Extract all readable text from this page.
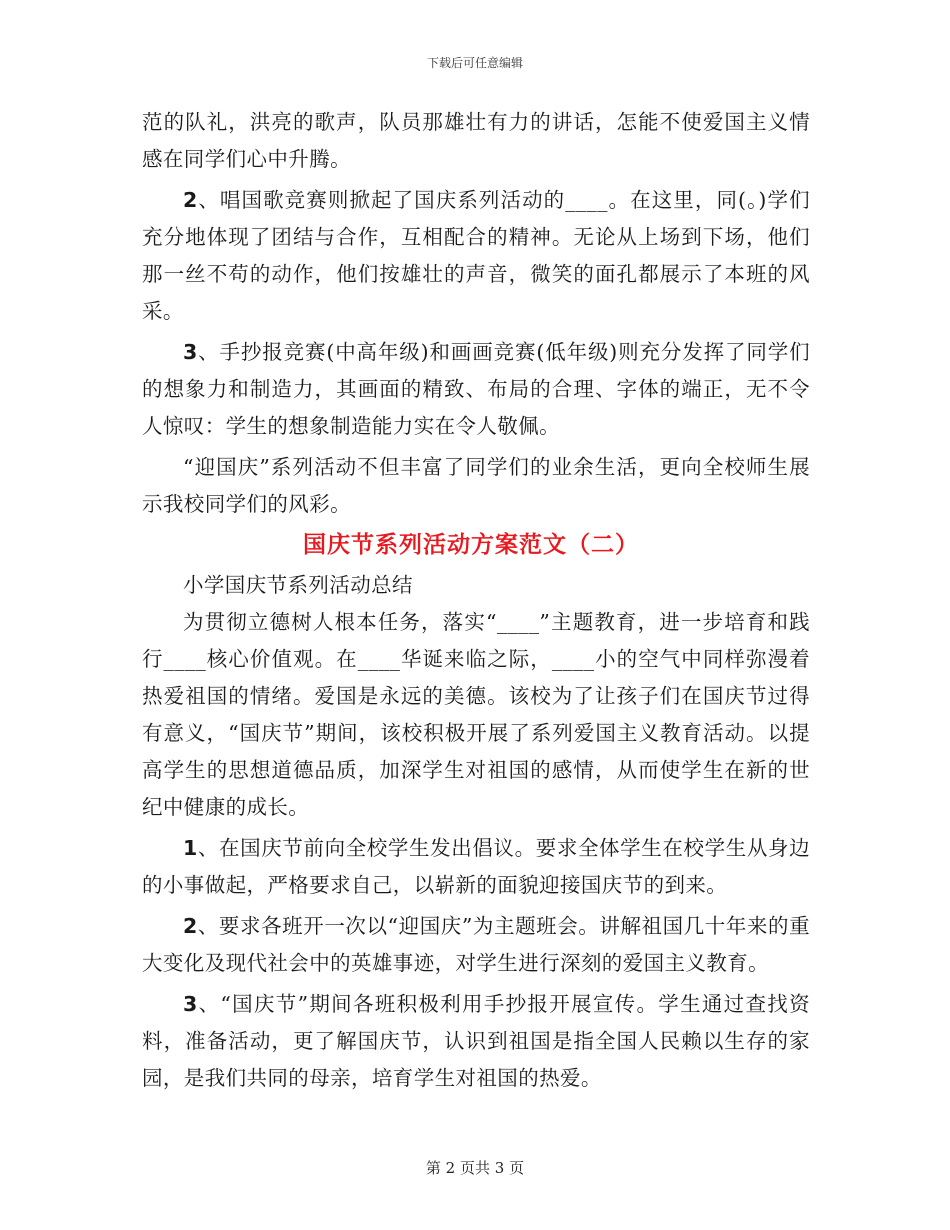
下载后可任意编辑

范的队礼，洪亮的歌声，队员那雄壮有力的讲话，怎能不使爱国主义情感在同学们心中升腾。

2、唱国歌竞赛则掀起了国庆系列活动的____。在这里，同(。)学们充分地体现了团结与合作，互相配合的精神。无论从上场到下场，他们那一丝不苟的动作，他们按雄壮的声音，微笑的面孔都展示了本班的风采。

3、手抄报竞赛(中高年级)和画画竞赛(低年级)则充分发挥了同学们的想象力和制造力，其画面的精致、布局的合理、字体的端正，无不令人惊叹：学生的想象制造能力实在令人敬佩。

“迎国庆”系列活动不但丰富了同学们的业余生活，更向全校师生展示我校同学们的风彩。

国庆节系列活动方案范文（二）

小学国庆节系列活动总结

为贯彻立德树人根本任务，落实“____”主题教育，进一步培育和践行____核心价值观。在____华诞来临之际，____小的空气中同样弥漫着热爱祖国的情绪。爱国是永远的美德。该校为了让孩子们在国庆节过得有意义，“国庆节”期间，该校积极开展了系列爱国主义教育活动。以提高学生的思想道德品质，加深学生对祖国的感情，从而使学生在新的世纪中健康的成长。

1、在国庆节前向全校学生发出倡议。要求全体学生在校学生从身边的小事做起，严格要求自己，以崭新的面貌迎接国庆节的到来。

2、要求各班开一次以“迎国庆”为主题班会。讲解祖国几十年来的重大变化及现代社会中的英雄事迹，对学生进行深刻的爱国主义教育。

3、“国庆节”期间各班积极利用手抄报开展宣传。学生通过查找资料，准备活动，更了解国庆节，认识到祖国是指全国人民赖以生存的家园，是我们共同的母亲，培育学生对祖国的热爱。

第 2 页共 3 页
